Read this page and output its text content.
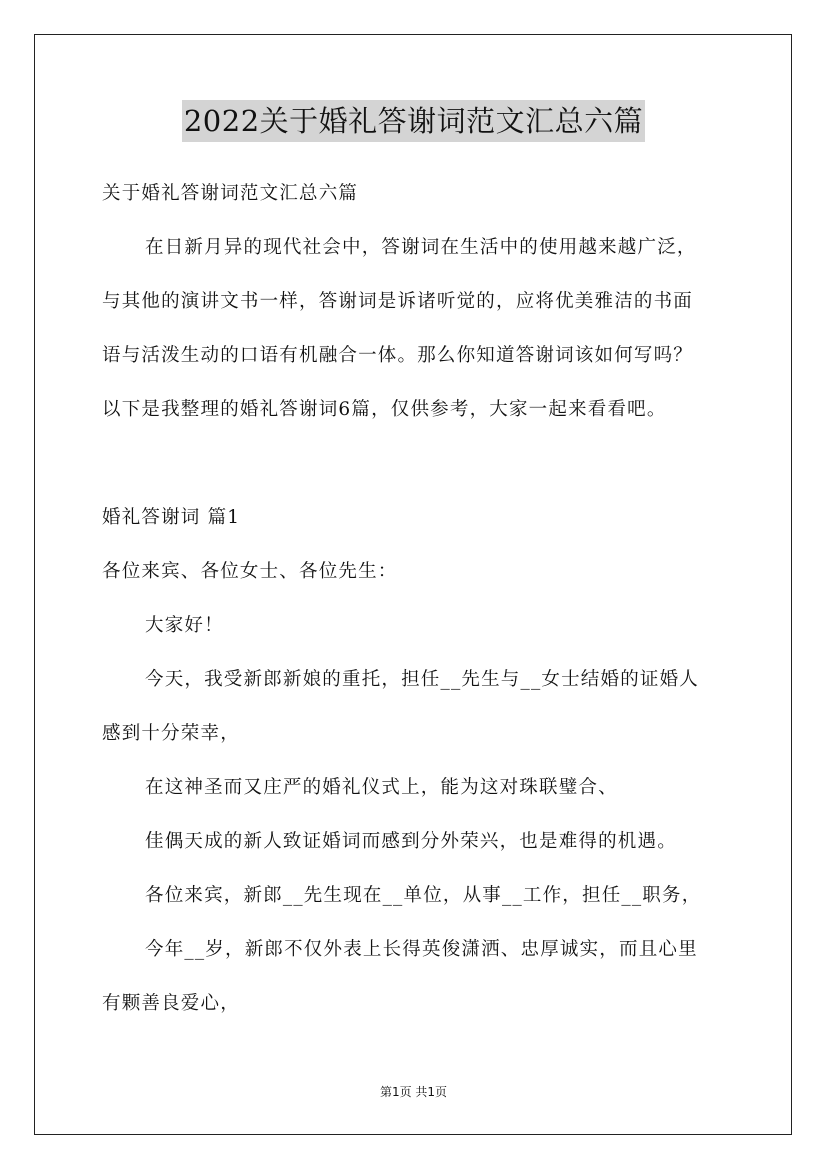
2022关于婚礼答谢词范文汇总六篇
关于婚礼答谢词范文汇总六篇
在日新月异的现代社会中，答谢词在生活中的使用越来越广泛，
与其他的演讲文书一样，答谢词是诉诸听觉的，应将优美雅洁的书面
语与活泼生动的口语有机融合一体。那么你知道答谢词该如何写吗？
以下是我整理的婚礼答谢词6篇，仅供参考，大家一起来看看吧。
婚礼答谢词 篇1
各位来宾、各位女士、各位先生：
大家好！
今天，我受新郎新娘的重托，担任__先生与__女士结婚的证婚人
感到十分荣幸，
在这神圣而又庄严的婚礼仪式上，能为这对珠联璧合、
佳偶天成的新人致证婚词而感到分外荣兴，也是难得的机遇。
各位来宾，新郎__先生现在__单位，从事__工作，担任__职务，
今年__岁，新郎不仅外表上长得英俊潇洒、忠厚诚实，而且心里
有颗善良爱心，
第1页 共1页
